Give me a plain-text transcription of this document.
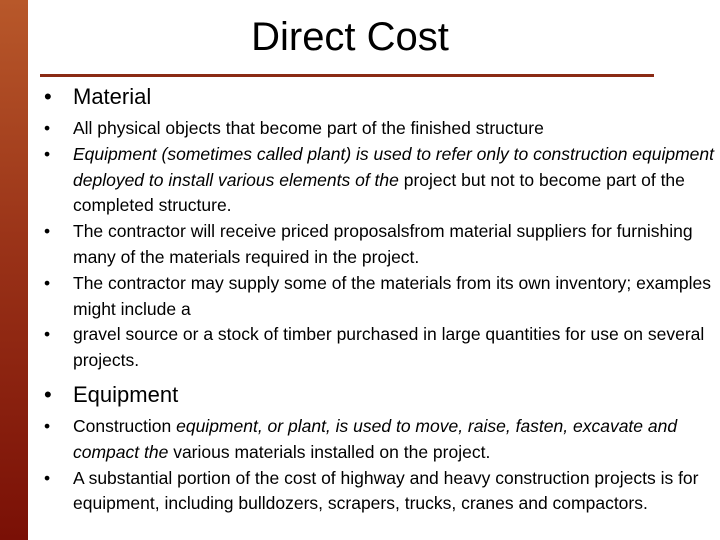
Direct Cost
• Material
• All physical objects that become part of the finished structure
• Equipment (sometimes called plant) is used to refer only to construction equipment deployed to install various elements of the project but not to become part of the completed structure.
• The contractor will receive priced proposalsfrom material suppliers for furnishing many of the materials required in the project.
• The contractor may supply some of the materials from its own inventory; examples might include a
• gravel source or a stock of timber purchased in large quantities for use on several projects.
• Equipment
• Construction equipment, or plant, is used to move, raise, fasten, excavate and compact the various materials installed on the project.
• A substantial portion of the cost of highway and heavy construction projects is for equipment, including bulldozers, scrapers, trucks, cranes and compactors.
